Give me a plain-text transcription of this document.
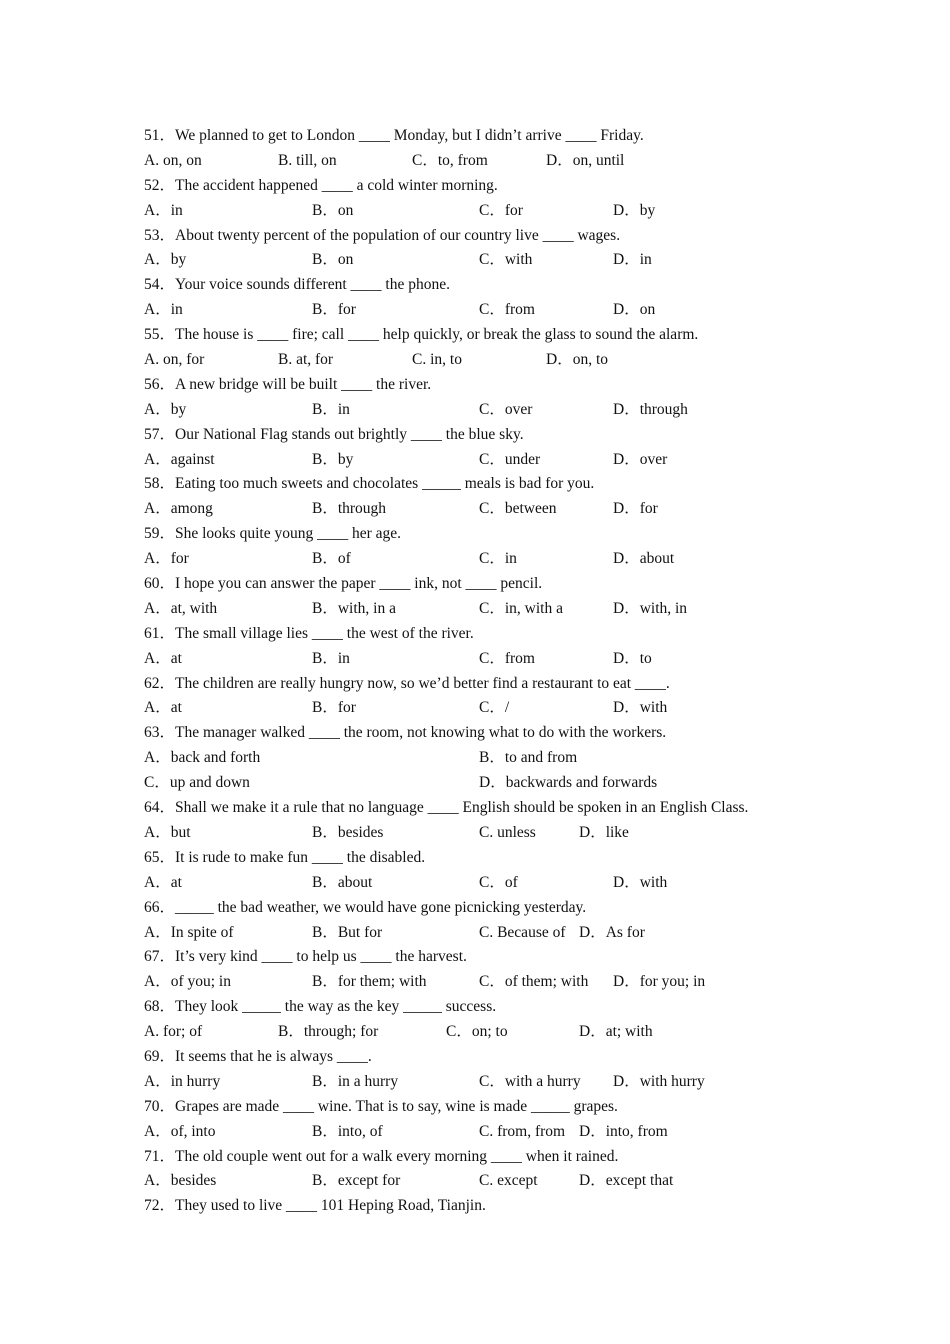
51．We planned to get to London ____ Monday, but I didn’t arrive ____ Friday.
A. on, on	B. till, on	C．to, from	D．on, until
52．The accident happened ____ a cold winter morning.
A．in	B．on	C．for	D．by
53．About twenty percent of the population of our country live ____ wages.
A．by	B．on	C．with	D．in
54．Your voice sounds different ____ the phone.
A．in	B．for	C．from	D．on
55．The house is ____ fire; call ____ help quickly, or break the glass to sound the alarm.
A. on, for	B. at, for	C. in, to	D．on, to
56．A new bridge will be built ____ the river.
A．by	B．in	C．over	D．through
57．Our National Flag stands out brightly ____ the blue sky.
A．against	B．by	C．under	D．over
58．Eating too much sweets and chocolates _____ meals is bad for you.
A．among	B．through	C．between	D．for
59．She looks quite young ____ her age.
A．for	B．of	C．in	D．about
60．I hope you can answer the paper ____ ink, not ____ pencil.
A．at, with	B．with, in a	C．in, with a	D．with, in
61．The small village lies ____ the west of the river.
A．at	B．in	C．from	D．to
62．The children are really hungry now, so we’d better find a restaurant to eat ____.
A．at	B．for	C．/	D．with
63．The manager walked ____ the room, not knowing what to do with the workers.
A．back and forth	B．to and from
C．up and down	D．backwards and forwards
64．Shall we make it a rule that no language ____ English should be spoken in an English Class.
A．but	B．besides	C. unless	D．like
65．It is rude to make fun ____ the disabled.
A．at	B．about	C．of	D．with
66．_____ the bad weather, we would have gone picnicking yesterday.
A．In spite of	B．But for	C. Because of D．As for
67．It’s very kind ____ to help us ____ the harvest.
A．of you; in	B．for them; with	C．of them; with D．for you; in
68．They look _____ the way as the key _____ success.
A. for; of	B．through; for	C．on; to	D．at; with
69．It seems that he is always ____.
A．in hurry	B．in a hurry	C．with a hurry D．with hurry
70．Grapes are made ____ wine. That is to say, wine is made _____ grapes.
A．of, into	B．into, of	C. from, from D．into, from
71．The old couple went out for a walk every morning ____ when it rained.
A．besides	B．except for	C. except	D．except that
72．They used to live ____ 101 Heping Road, Tianjin.
